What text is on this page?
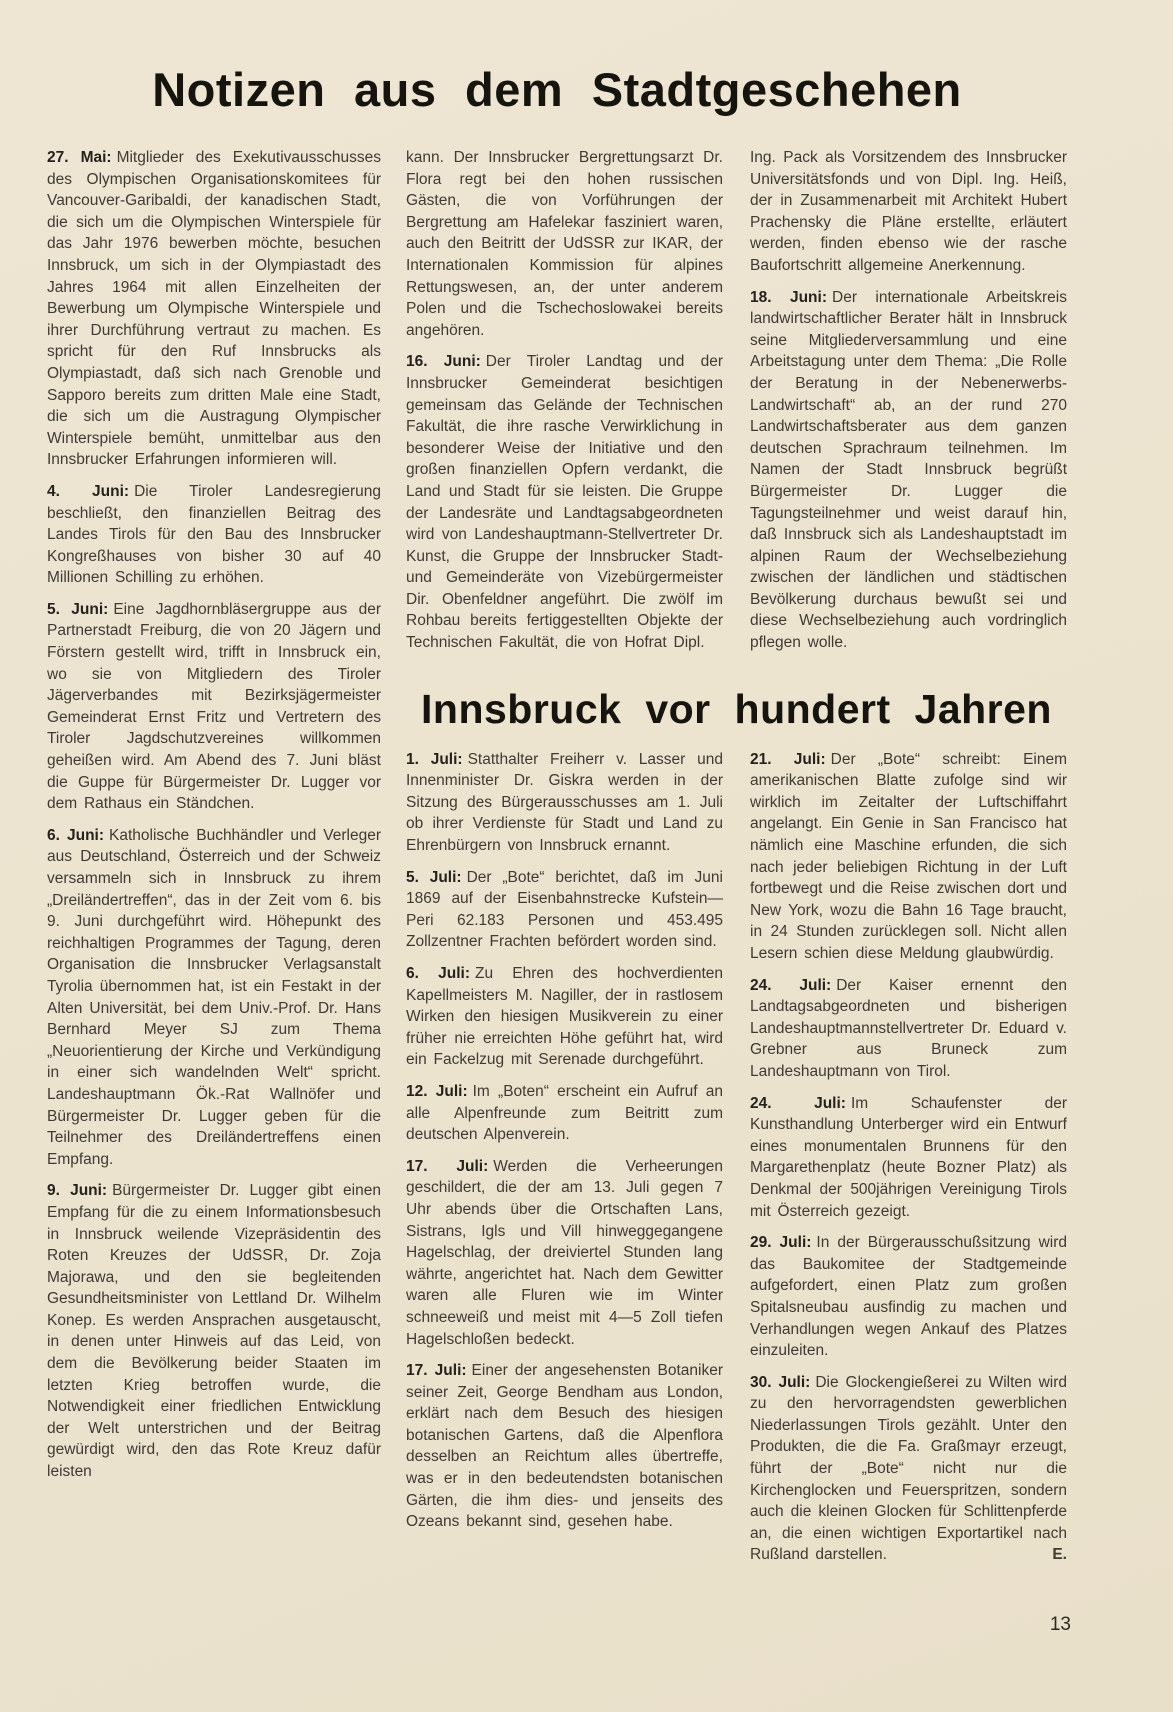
Notizen aus dem Stadtgeschehen

27. Mai: Mitglieder des Exekutivausschusses des Olympischen Organisationskomitees für Vancouver-Garibaldi, der kanadischen Stadt, die sich um die Olympischen Winterspiele für das Jahr 1976 bewerben möchte, besuchen Innsbruck, um sich in der Olympiastadt des Jahres 1964 mit allen Einzelheiten der Bewerbung um Olympische Winterspiele und ihrer Durchführung vertraut zu machen. Es spricht für den Ruf Innsbrucks als Olympiastadt, daß sich nach Grenoble und Sapporo bereits zum dritten Male eine Stadt, die sich um die Austragung Olympischer Winterspiele bemüht, unmittelbar aus den Innsbrucker Erfahrungen informieren will.

4. Juni: Die Tiroler Landesregierung beschließt, den finanziellen Beitrag des Landes Tirols für den Bau des Innsbrucker Kongreßhauses von bisher 30 auf 40 Millionen Schilling zu erhöhen.

5. Juni: Eine Jagdhornbläsergruppe aus der Partnerstadt Freiburg, die von 20 Jägern und Förstern gestellt wird, trifft in Innsbruck ein, wo sie von Mitgliedern des Tiroler Jägerverbandes mit Bezirksjägermeister Gemeinderat Ernst Fritz und Vertretern des Tiroler Jagdschutzvereines willkommen geheißen wird. Am Abend des 7. Juni bläst die Guppe für Bürgermeister Dr. Lugger vor dem Rathaus ein Ständchen.

6. Juni: Katholische Buchhändler und Verleger aus Deutschland, Österreich und der Schweiz versammeln sich in Innsbruck zu ihrem „Dreiländertreffen“, das in der Zeit vom 6. bis 9. Juni durchgeführt wird. Höhepunkt des reichhaltigen Programmes der Tagung, deren Organisation die Innsbrucker Verlagsanstalt Tyrolia übernommen hat, ist ein Festakt in der Alten Universität, bei dem Univ.-Prof. Dr. Hans Bernhard Meyer SJ zum Thema „Neuorientierung der Kirche und Verkündigung in einer sich wandelnden Welt“ spricht. Landeshauptmann Ök.-Rat Wallnöfer und Bürgermeister Dr. Lugger geben für die Teilnehmer des Dreiländertreffens einen Empfang.

9. Juni: Bürgermeister Dr. Lugger gibt einen Empfang für die zu einem Informationsbesuch in Innsbruck weilende Vizepräsidentin des Roten Kreuzes der UdSSR, Dr. Zoja Majorawa, und den sie begleitenden Gesundheitsminister von Lettland Dr. Wilhelm Konep. Es werden Ansprachen ausgetauscht, in denen unter Hinweis auf das Leid, von dem die Bevölkerung beider Staaten im letzten Krieg betroffen wurde, die Notwendigkeit einer friedlichen Entwicklung der Welt unterstrichen und der Beitrag gewürdigt wird, den das Rote Kreuz dafür leisten

kann. Der Innsbrucker Bergrettungsarzt Dr. Flora regt bei den hohen russischen Gästen, die von Vorführungen der Bergrettung am Hafelekar fasziniert waren, auch den Beitritt der UdSSR zur IKAR, der Internationalen Kommission für alpines Rettungswesen, an, der unter anderem Polen und die Tschechoslowakei bereits angehören.

16. Juni: Der Tiroler Landtag und der Innsbrucker Gemeinderat besichtigen gemeinsam das Gelände der Technischen Fakultät, die ihre rasche Verwirklichung in besonderer Weise der Initiative und den großen finanziellen Opfern verdankt, die Land und Stadt für sie leisten. Die Gruppe der Landesräte und Landtagsabgeordneten wird von Landeshauptmann-Stellvertreter Dr. Kunst, die Gruppe der Innsbrucker Stadt- und Gemeinderäte von Vizebürgermeister Dir. Obenfeldner angeführt. Die zwölf im Rohbau bereits fertiggestellten Objekte der Technischen Fakultät, die von Hofrat Dipl.

Ing. Pack als Vorsitzendem des Innsbrucker Universitätsfonds und von Dipl. Ing. Heiß, der in Zusammenarbeit mit Architekt Hubert Prachensky die Pläne erstellte, erläutert werden, finden ebenso wie der rasche Baufortschritt allgemeine Anerkennung.

18. Juni: Der internationale Arbeitskreis landwirtschaftlicher Berater hält in Innsbruck seine Mitgliederversammlung und eine Arbeitstagung unter dem Thema: „Die Rolle der Beratung in der Nebenerwerbs-Landwirtschaft“ ab, an der rund 270 Landwirtschaftsberater aus dem ganzen deutschen Sprachraum teilnehmen. Im Namen der Stadt Innsbruck begrüßt Bürgermeister Dr. Lugger die Tagungsteilnehmer und weist darauf hin, daß Innsbruck sich als Landeshauptstadt im alpinen Raum der Wechselbeziehung zwischen der ländlichen und städtischen Bevölkerung durchaus bewußt sei und diese Wechselbeziehung auch vordringlich pflegen wolle.

Innsbruck vor hundert Jahren

1. Juli: Statthalter Freiherr v. Lasser und Innenminister Dr. Giskra werden in der Sitzung des Bürgerausschusses am 1. Juli ob ihrer Verdienste für Stadt und Land zu Ehrenbürgern von Innsbruck ernannt.

5. Juli: Der „Bote“ berichtet, daß im Juni 1869 auf der Eisenbahnstrecke Kufstein—Peri 62.183 Personen und 453.495 Zollzentner Frachten befördert worden sind.

6. Juli: Zu Ehren des hochverdienten Kapellmeisters M. Nagiller, der in rastlosem Wirken den hiesigen Musikverein zu einer früher nie erreichten Höhe geführt hat, wird ein Fackelzug mit Serenade durchgeführt.

12. Juli: Im „Boten“ erscheint ein Aufruf an alle Alpenfreunde zum Beitritt zum deutschen Alpenverein.

17. Juli: Werden die Verheerungen geschildert, die der am 13. Juli gegen 7 Uhr abends über die Ortschaften Lans, Sistrans, Igls und Vill hinweggegangene Hagelschlag, der dreiviertel Stunden lang währte, angerichtet hat. Nach dem Gewitter waren alle Fluren wie im Winter schneeweiß und meist mit 4—5 Zoll tiefen Hagelschloßen bedeckt.

17. Juli: Einer der angesehensten Botaniker seiner Zeit, George Bendham aus London, erklärt nach dem Besuch des hiesigen botanischen Gartens, daß die Alpenflora desselben an Reichtum alles übertreffe, was er in den bedeutendsten botanischen Gärten, die ihm dies- und jenseits des Ozeans bekannt sind, gesehen habe.

21. Juli: Der „Bote“ schreibt: Einem amerikanischen Blatte zufolge sind wir wirklich im Zeitalter der Luftschiffahrt angelangt. Ein Genie in San Francisco hat nämlich eine Maschine erfunden, die sich nach jeder beliebigen Richtung in der Luft fortbewegt und die Reise zwischen dort und New York, wozu die Bahn 16 Tage braucht, in 24 Stunden zurücklegen soll. Nicht allen Lesern schien diese Meldung glaubwürdig.

24. Juli: Der Kaiser ernennt den Landtagsabgeordneten und bisherigen Landeshauptmannstellvertreter Dr. Eduard v. Grebner aus Bruneck zum Landeshauptmann von Tirol.

24. Juli: Im Schaufenster der Kunsthandlung Unterberger wird ein Entwurf eines monumentalen Brunnens für den Margarethenplatz (heute Bozner Platz) als Denkmal der 500jährigen Vereinigung Tirols mit Österreich gezeigt.

29. Juli: In der Bürgerausschußsitzung wird das Baukomitee der Stadtgemeinde aufgefordert, einen Platz zum großen Spitalsneubau ausfindig zu machen und Verhandlungen wegen Ankauf des Platzes einzuleiten.

30. Juli: Die Glockengießerei zu Wilten wird zu den hervorragendsten gewerblichen Niederlassungen Tirols gezählt. Unter den Produkten, die die Fa. Graßmayr erzeugt, führt der „Bote“ nicht nur die Kirchenglocken und Feuerspritzen, sondern auch die kleinen Glocken für Schlittenpferde an, die einen wichtigen Exportartikel nach Rußland darstellen.	E.

13
